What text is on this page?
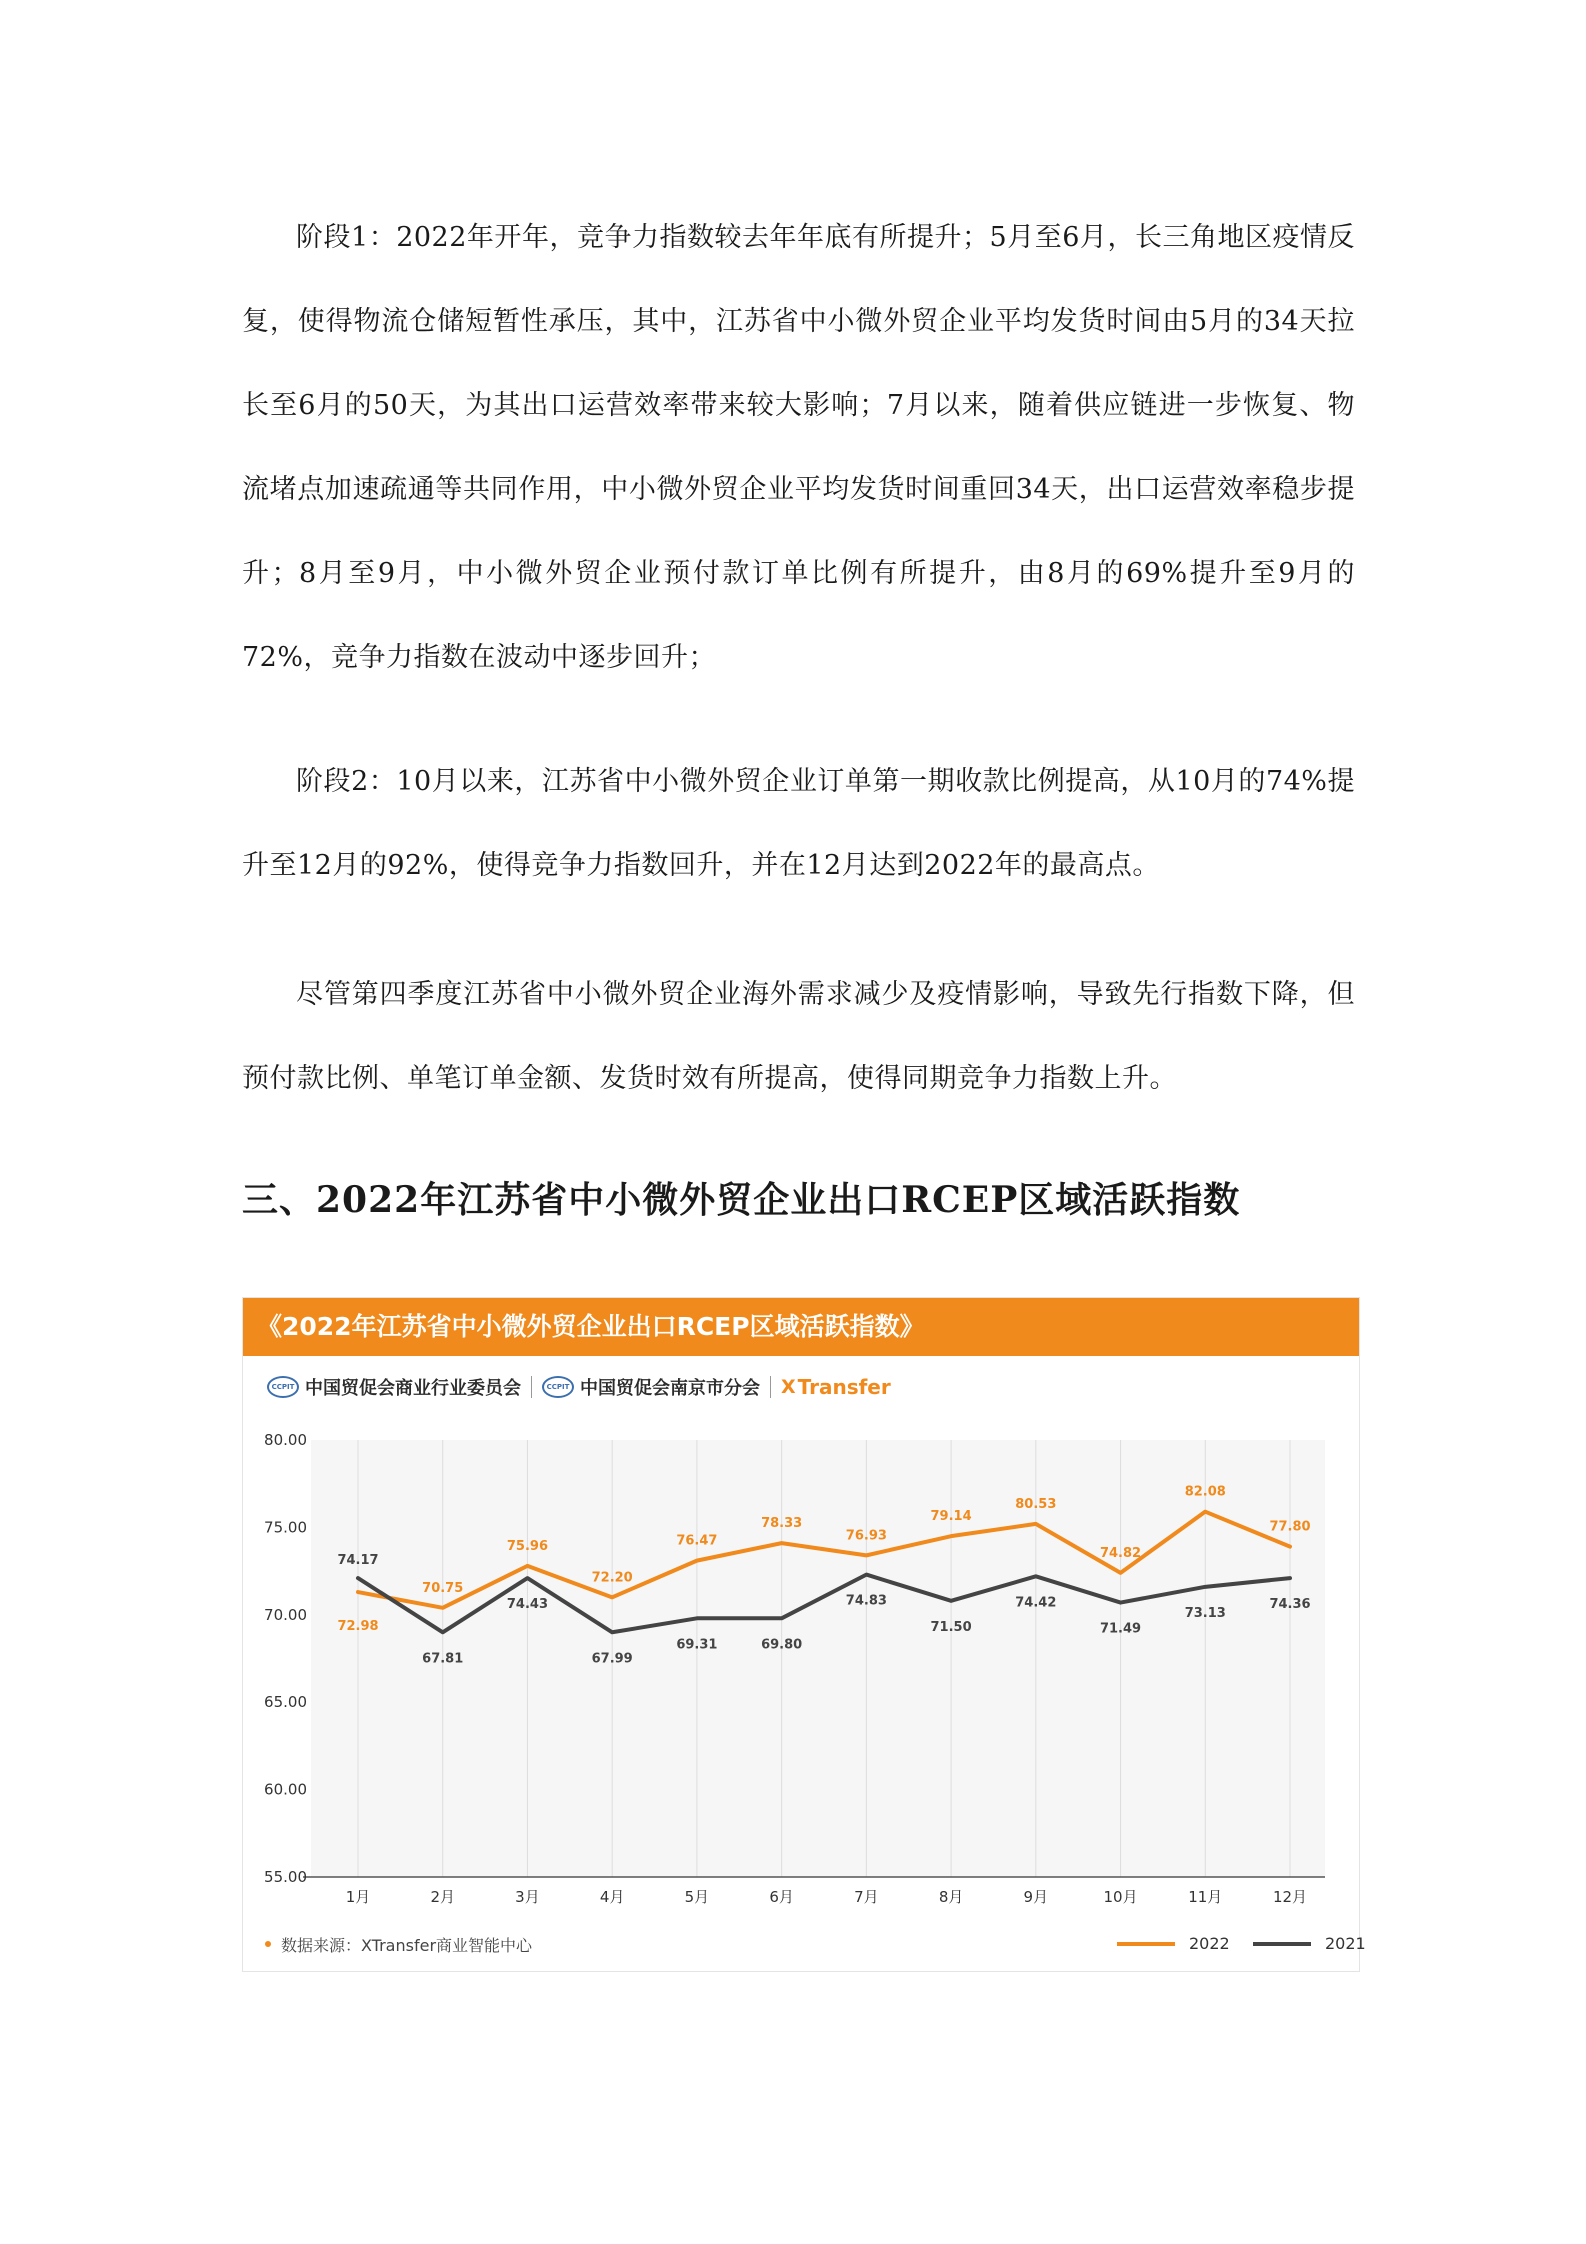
阶段1：2022年开年，竞争力指数较去年年底有所提升；5月至6月，长三角地区疫情反复，使得物流仓储短暂性承压，其中，江苏省中小微外贸企业平均发货时间由5月的34天拉长至6月的50天，为其出口运营效率带来较大影响；7月以来，随着供应链进一步恢复、物流堵点加速疏通等共同作用，中小微外贸企业平均发货时间重回34天，出口运营效率稳步提升；8月至9月，中小微外贸企业预付款订单比例有所提升，由8月的69%提升至9月的72%，竞争力指数在波动中逐步回升；
阶段2：10月以来，江苏省中小微外贸企业订单第一期收款比例提高，从10月的74%提升至12月的92%，使得竞争力指数回升，并在12月达到2022年的最高点。
尽管第四季度江苏省中小微外贸企业海外需求减少及疫情影响，导致先行指数下降，但预付款比例、单笔订单金额、发货时效有所提高，使得同期竞争力指数上升。
三、2022年江苏省中小微外贸企业出口RCEP区域活跃指数
《2022年江苏省中小微外贸企业出口RCEP区域活跃指数》
CCPIT 中国贸促会商业行业委员会	CCPIT 中国贸促会南京市分会 X Transfer
80.00
75.00
70.00
65.00
60.00
55.00
1月	2月	3月	4月	5月	6月	7月	8月	9月	10月	11月	12月
72.98
74.17
70.75
67.81
75.96
74.43
72.20
67.99
76.47
69.31
78.33
69.80
76.93
74.83
79.14
71.50
80.53
74.42
74.82
71.49
82.08
73.13
77.80
74.36
数据来源：XTransfer商业智能中心	2022	2021
